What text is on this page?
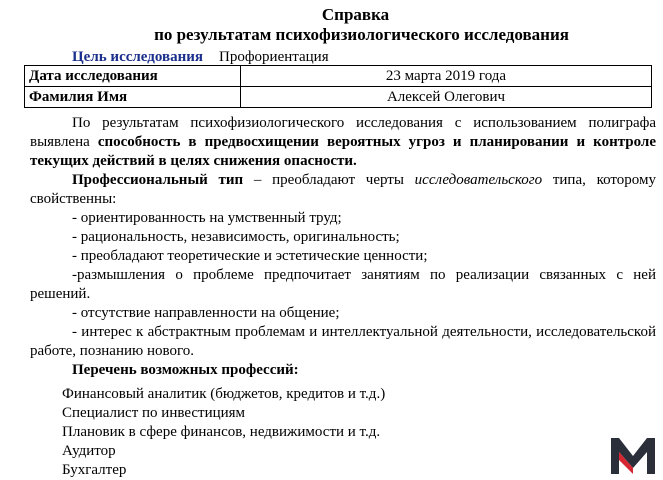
Справка
по результатам психофизиологического исследования
Цель исследования Профориентация
Дата исследования	23 марта 2019 года
Фамилия Имя	Алексей Олегович

По результатам психофизиологического исследования с использованием полиграфа выявлена способность в предвосхищении вероятных угроз и планировании и контроле текущих действий в целях снижения опасности.

Профессиональный тип – преобладают черты исследовательского типа, которому свойственны:

- ориентированность на умственный труд;

- рациональность, независимость, оригинальность;

- преобладают теоретические и эстетические ценности;

-размышления о проблеме предпочитает занятиям по реализации связанных с ней решений.

- отсутствие направленности на общение;

- интерес к абстрактным проблемам и интеллектуальной деятельности, исследовательской работе, познанию нового.

Перечень возможных профессий:

Финансовый аналитик (бюджетов, кредитов и т.д.)
Специалист по инвестициям
Плановик в сфере финансов, недвижимости и т.д.
Аудитор
Бухгалтер
